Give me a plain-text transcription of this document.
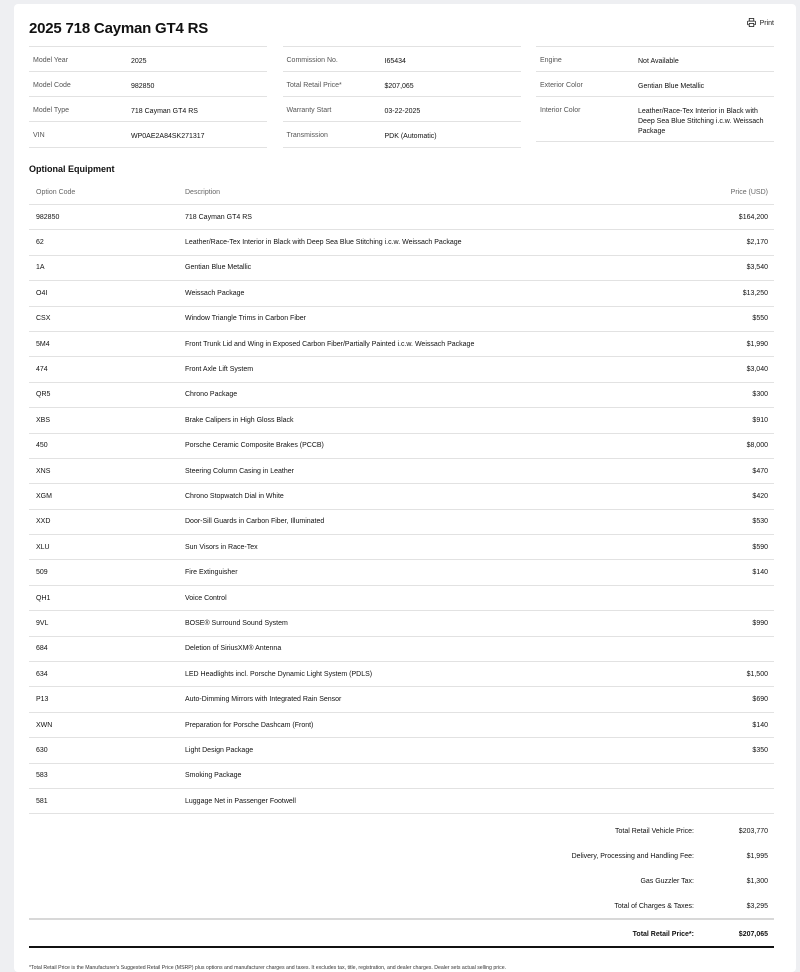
2025 718 Cayman GT4 RS	Print
Model Year	2025
Model Code	982850
Model Type	718 Cayman GT4 RS
VIN	WP0AE2A84SK271317
Commission No.	I65434
Total Retail Price*	$207,065
Warranty Start	03-22-2025
Transmission	PDK (Automatic)
Engine	Not Available
Exterior Color	Gentian Blue Metallic
Interior Color	Leather/Race-Tex Interior in Black with Deep Sea Blue Stitching i.c.w. Weissach Package
Optional Equipment
Option Code	Description	Price (USD)
982850	718 Cayman GT4 RS	$164,200
62	Leather/Race-Tex Interior in Black with Deep Sea Blue Stitching i.c.w. Weissach Package	$2,170
1A	Gentian Blue Metallic	$3,540
O4I	Weissach Package	$13,250
CSX	Window Triangle Trims in Carbon Fiber	$550
5M4	Front Trunk Lid and Wing in Exposed Carbon Fiber/Partially Painted i.c.w. Weissach Package	$1,990
474	Front Axle Lift System	$3,040
QR5	Chrono Package	$300
XBS	Brake Calipers in High Gloss Black	$910
450	Porsche Ceramic Composite Brakes (PCCB)	$8,000
XNS	Steering Column Casing in Leather	$470
XGM	Chrono Stopwatch Dial in White	$420
XXD	Door-Sill Guards in Carbon Fiber, Illuminated	$530
XLU	Sun Visors in Race-Tex	$590
509	Fire Extinguisher	$140
QH1	Voice Control
9VL	BOSE® Surround Sound System	$990
684	Deletion of SiriusXM® Antenna
634	LED Headlights incl. Porsche Dynamic Light System (PDLS)	$1,500
P13	Auto-Dimming Mirrors with Integrated Rain Sensor	$690
XWN	Preparation for Porsche Dashcam (Front)	$140
630	Light Design Package	$350
583	Smoking Package
581	Luggage Net in Passenger Footwell
Total Retail Vehicle Price:	$203,770
Delivery, Processing and Handling Fee:	$1,995
Gas Guzzler Tax:	$1,300
Total of Charges & Taxes:	$3,295
Total Retail Price*:	$207,065
*Total Retail Price is the Manufacturer's Suggested Retail Price (MSRP) plus options and manufacturer charges and taxes. It excludes tax, title, registration, and dealer charges. Dealer sets actual selling price.
